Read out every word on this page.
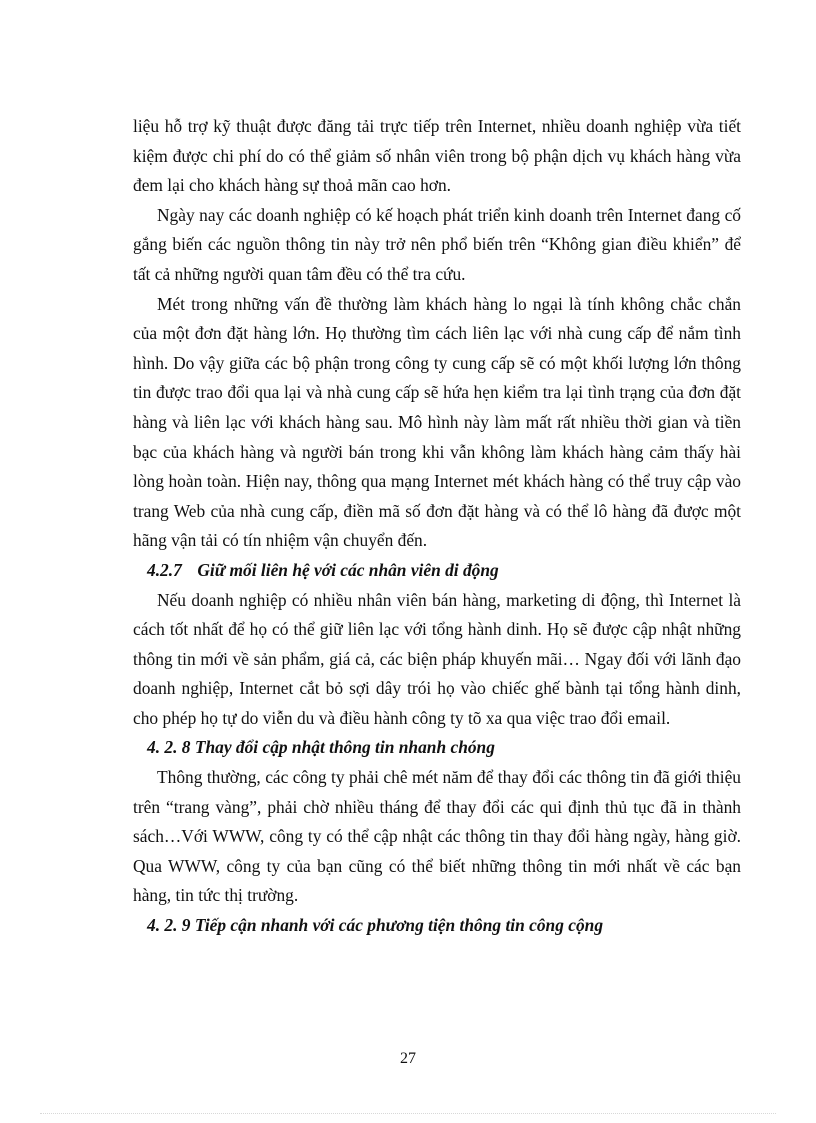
liệu hỗ trợ kỹ thuật được đăng tải trực tiếp trên Internet, nhiều doanh nghiệp vừa tiết kiệm được chi phí do có thể giảm số nhân viên trong bộ phận dịch vụ khách hàng vừa đem lại cho khách hàng sự thoả mãn cao hơn.

Ngày nay các doanh nghiệp có kế hoạch phát triển kinh doanh trên Internet đang cố gắng biến các nguồn thông tin này trở nên phổ biến trên “Không gian điều khiển” để tất cả những người quan tâm đều có thể tra cứu.

Mét trong những vấn đề thường làm khách hàng lo ngại là tính không chắc chắn của một đơn đặt hàng lớn. Họ thường tìm cách liên lạc với nhà cung cấp để nắm tình hình. Do vậy giữa các bộ phận trong công ty cung cấp sẽ có một khối lượng lớn thông tin được trao đổi qua lại và nhà cung cấp sẽ hứa hẹn kiểm tra lại tình trạng của đơn đặt hàng và liên lạc với khách hàng sau. Mô hình này làm mất rất nhiều thời gian và tiền bạc của khách hàng và người bán trong khi vẫn không làm khách hàng cảm thấy hài lòng hoàn toàn. Hiện nay, thông qua mạng Internet mét khách hàng có thể truy cập vào trang Web của nhà cung cấp, điền mã số đơn đặt hàng và có thể lô hàng đã được một hãng vận tải có tín nhiệm vận chuyển đến.

4.2.7 Giữ mối liên hệ với các nhân viên di động

Nếu doanh nghiệp có nhiều nhân viên bán hàng, marketing di động, thì Internet là cách tốt nhất để họ có thể giữ liên lạc với tổng hành dinh. Họ sẽ được cập nhật những thông tin mới về sản phẩm, giá cả, các biện pháp khuyến mãi… Ngay đối với lãnh đạo doanh nghiệp, Internet cắt bỏ sợi dây trói họ vào chiếc ghế bành tại tổng hành dinh, cho phép họ tự do viễn du và điều hành công ty tõ xa qua việc trao đổi email.

4. 2. 8 Thay đổi cập nhật thông tin nhanh chóng

Thông thường, các công ty phải chê mét năm để thay đổi các thông tin đã giới thiệu trên “trang vàng”, phải chờ nhiều tháng để thay đổi các qui định thủ tục đã in thành sách…Với WWW, công ty có thể cập nhật các thông tin thay đổi hàng ngày, hàng giờ. Qua WWW, công ty của bạn cũng có thể biết những thông tin mới nhất về các bạn hàng, tin tức thị trường.

4. 2. 9 Tiếp cận nhanh với các phương tiện thông tin công cộng
27
